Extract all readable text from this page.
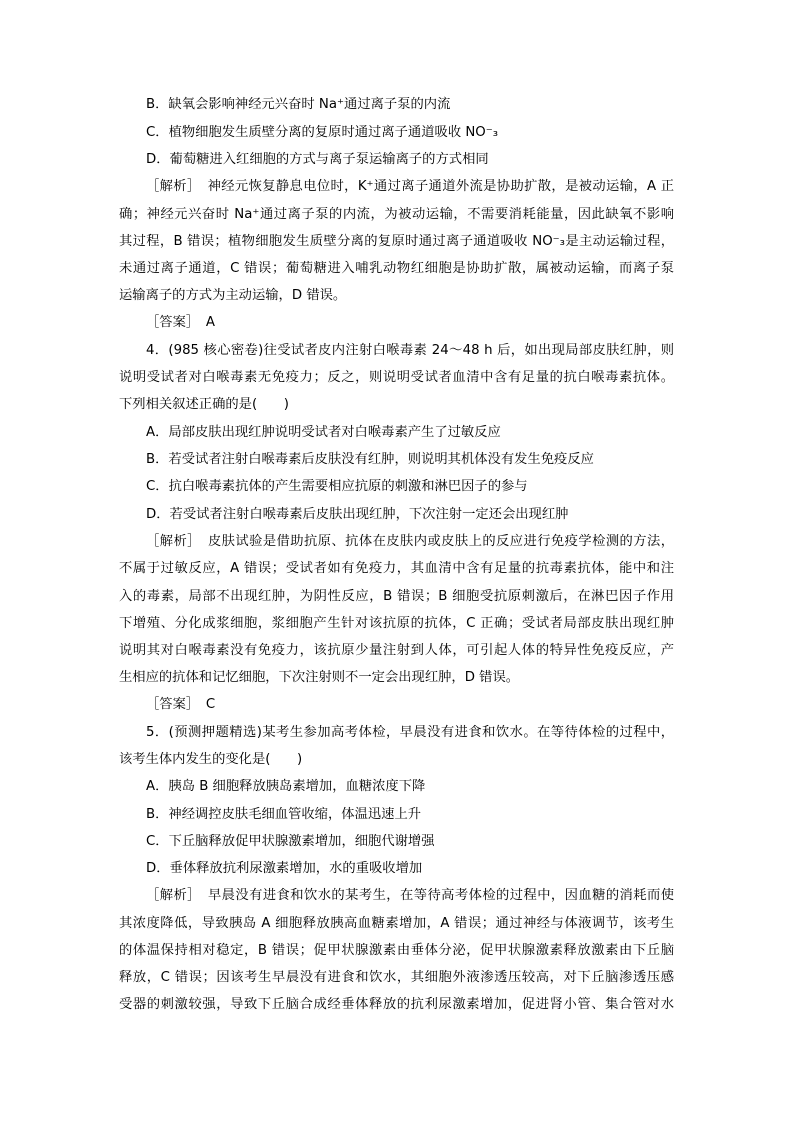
B．缺氧会影响神经元兴奋时 Na⁺通过离子泵的内流
C．植物细胞发生质壁分离的复原时通过离子通道吸收 NO⁻₃
D．葡萄糖进入红细胞的方式与离子泵运输离子的方式相同
［解析］　神经元恢复静息电位时，K⁺通过离子通道外流是协助扩散，是被动运输，A 正
确；神经元兴奋时 Na⁺通过离子泵的内流，为被动运输，不需要消耗能量，因此缺氧不影响
其过程，B 错误；植物细胞发生质壁分离的复原时通过离子通道吸收 NO⁻₃是主动运输过程，
未通过离子通道，C 错误；葡萄糖进入哺乳动物红细胞是协助扩散，属被动运输，而离子泵
运输离子的方式为主动运输，D 错误。
［答案］　A
4．(985 核心密卷)往受试者皮内注射白喉毒素 24～48 h 后，如出现局部皮肤红肿，则
说明受试者对白喉毒素无免疫力；反之，则说明受试者血清中含有足量的抗白喉毒素抗体。
下列相关叙述正确的是(　　)
A．局部皮肤出现红肿说明受试者对白喉毒素产生了过敏反应
B．若受试者注射白喉毒素后皮肤没有红肿，则说明其机体没有发生免疫反应
C．抗白喉毒素抗体的产生需要相应抗原的刺激和淋巴因子的参与
D．若受试者注射白喉毒素后皮肤出现红肿，下次注射一定还会出现红肿
［解析］　皮肤试验是借助抗原、抗体在皮肤内或皮肤上的反应进行免疫学检测的方法，
不属于过敏反应，A 错误；受试者如有免疫力，其血清中含有足量的抗毒素抗体，能中和注
入的毒素，局部不出现红肿，为阴性反应，B 错误；B 细胞受抗原刺激后，在淋巴因子作用
下增殖、分化成浆细胞，浆细胞产生针对该抗原的抗体，C 正确；受试者局部皮肤出现红肿
说明其对白喉毒素没有免疫力，该抗原少量注射到人体，可引起人体的特异性免疫反应，产
生相应的抗体和记忆细胞，下次注射则不一定会出现红肿，D 错误。
［答案］　C
5．(预测押题精选)某考生参加高考体检，早晨没有进食和饮水。在等待体检的过程中，
该考生体内发生的变化是(　　)
A．胰岛 B 细胞释放胰岛素增加，血糖浓度下降
B．神经调控皮肤毛细血管收缩，体温迅速上升
C．下丘脑释放促甲状腺激素增加，细胞代谢增强
D．垂体释放抗利尿激素增加，水的重吸收增加
［解析］　早晨没有进食和饮水的某考生，在等待高考体检的过程中，因血糖的消耗而使
其浓度降低，导致胰岛 A 细胞释放胰高血糖素增加，A 错误；通过神经与体液调节，该考生
的体温保持相对稳定，B 错误；促甲状腺激素由垂体分泌，促甲状腺激素释放激素由下丘脑
释放，C 错误；因该考生早晨没有进食和饮水，其细胞外液渗透压较高，对下丘脑渗透压感
受器的刺激较强，导致下丘脑合成经垂体释放的抗利尿激素增加，促进肾小管、集合管对水
